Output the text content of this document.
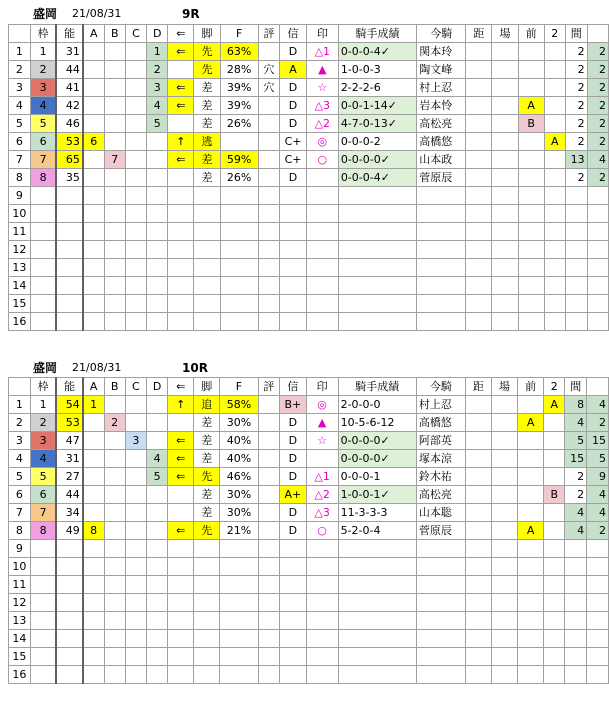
盛岡 21/08/31	9R
	枠	能	A	B	C	D	⇐	脚	F	評	信	印	騎手成績	今騎	距	場	前	2	間	
1	1	31				1	⇐	先	63%		D	△1	0-0-0-4✓	関本玲					2	2
2	2	44				2		先	28%	穴	A	▲	1-0-0-3	陶文峰					2	2
3	3	41				3	⇐	差	39%	穴	D	☆	2-2-2-6	村上忍					2	2
4	4	42				4	⇐	差	39%		D	△3	0-0-1-14✓	岩本怜			A		2	2
5	5	46				5		差	26%		D	△2	4-7-0-13✓	高松亮			B		2	2
6	6	53	6				↑	逃			C+	◎	0-0-0-2	高橋悠				A	2	2
7	7	65		7			⇐	差	59%		C+	○	0-0-0-0✓	山本政					13	4
8	8	35						差	26%		D		0-0-0-4✓	菅原辰					2	2
9																				
10																				
11																				
12																				
13																				
14																				
15																				
16																				
盛岡 21/08/31	10R
	枠	能	A	B	C	D	⇐	脚	F	評	信	印	騎手成績	今騎	距	場	前	2	間	
1	1	54	1				↑	追	58%		B+	◎	2-0-0-0	村上忍				A	8	4
2	2	53		2				差	30%		D	▲	10-5-6-12	高橋悠			A		4	2
3	3	47			3		⇐	差	40%		D	☆	0-0-0-0✓	阿部英					5	15
4	4	31				4	⇐	差	40%		D		0-0-0-0✓	塚本涼					15	5
5	5	27				5	⇐	先	46%		D	△1	0-0-0-1	鈴木祐					2	9
6	6	44						差	30%		A+	△2	1-0-0-1✓	高松亮				B	2	4
7	7	34						差	30%		D	△3	11-3-3-3	山本聡					4	4
8	8	49	8				⇐	先	21%		D	○	5-2-0-4	菅原辰			A		4	2
9																				
10																				
11																				
12																				
13																				
14																				
15																				
16																				
